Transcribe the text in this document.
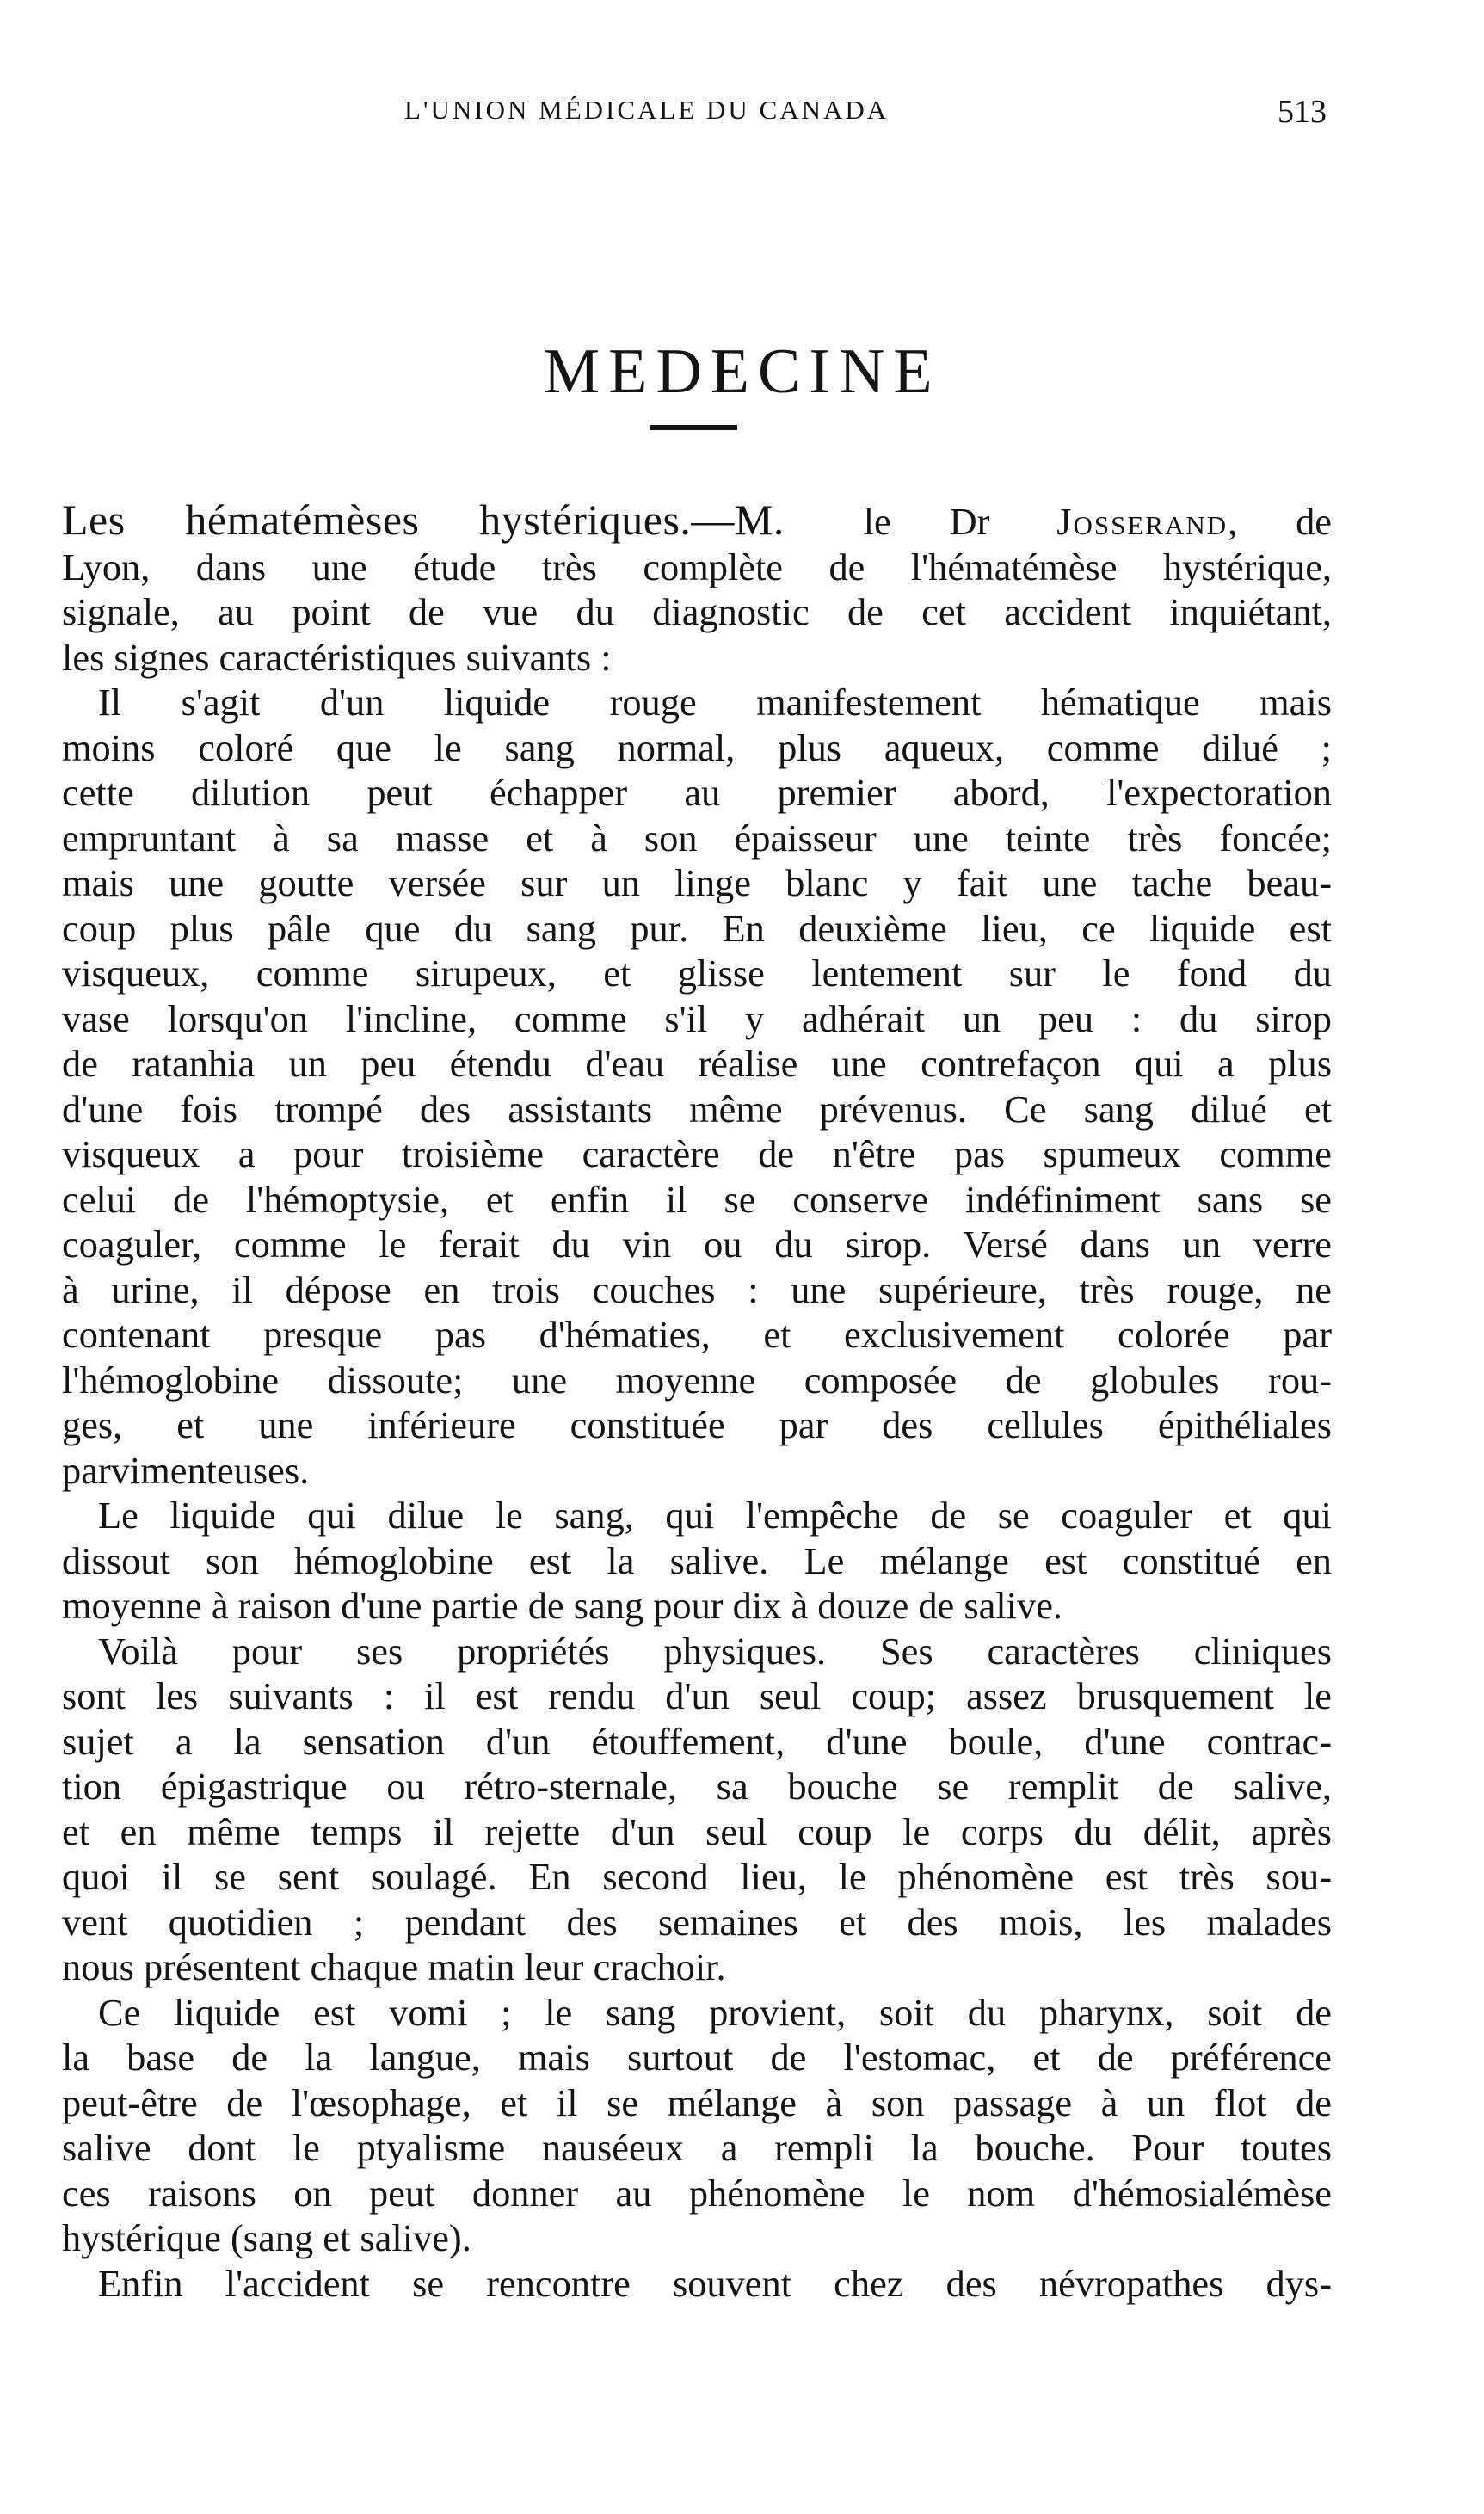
L'UNION MÉDICALE DU CANADA	513
MEDECINE
Les hématémèses hystériques.—M. le Dr Josserand, de
Lyon, dans une étude très complète de l'hématémèse hystérique,
signale, au point de vue du diagnostic de cet accident inquiétant,
les signes caractéristiques suivants :
Il s'agit d'un liquide rouge manifestement hématique mais
moins coloré que le sang normal, plus aqueux, comme dilué ;
cette dilution peut échapper au premier abord, l'expectoration
empruntant à sa masse et à son épaisseur une teinte très foncée;
mais une goutte versée sur un linge blanc y fait une tache beau-
coup plus pâle que du sang pur. En deuxième lieu, ce liquide est
visqueux, comme sirupeux, et glisse lentement sur le fond du
vase lorsqu'on l'incline, comme s'il y adhérait un peu : du sirop
de ratanhia un peu étendu d'eau réalise une contrefaçon qui a plus
d'une fois trompé des assistants même prévenus. Ce sang dilué et
visqueux a pour troisième caractère de n'être pas spumeux comme
celui de l'hémoptysie, et enfin il se conserve indéfiniment sans se
coaguler, comme le ferait du vin ou du sirop. Versé dans un verre
à urine, il dépose en trois couches : une supérieure, très rouge, ne
contenant presque pas d'hématies, et exclusivement colorée par
l'hémoglobine dissoute; une moyenne composée de globules rou-
ges, et une inférieure constituée par des cellules épithéliales
parvimenteuses.
Le liquide qui dilue le sang, qui l'empêche de se coaguler et qui
dissout son hémoglobine est la salive. Le mélange est constitué en
moyenne à raison d'une partie de sang pour dix à douze de salive.
Voilà pour ses propriétés physiques. Ses caractères cliniques
sont les suivants : il est rendu d'un seul coup; assez brusquement le
sujet a la sensation d'un étouffement, d'une boule, d'une contrac-
tion épigastrique ou rétro-sternale, sa bouche se remplit de salive,
et en même temps il rejette d'un seul coup le corps du délit, après
quoi il se sent soulagé. En second lieu, le phénomène est très sou-
vent quotidien ; pendant des semaines et des mois, les malades
nous présentent chaque matin leur crachoir.
Ce liquide est vomi ; le sang provient, soit du pharynx, soit de
la base de la langue, mais surtout de l'estomac, et de préférence
peut-être de l'œsophage, et il se mélange à son passage à un flot de
salive dont le ptyalisme nauséeux a rempli la bouche. Pour toutes
ces raisons on peut donner au phénomène le nom d'hémosialémèse
hystérique (sang et salive).
Enfin l'accident se rencontre souvent chez des névropathes dys-
